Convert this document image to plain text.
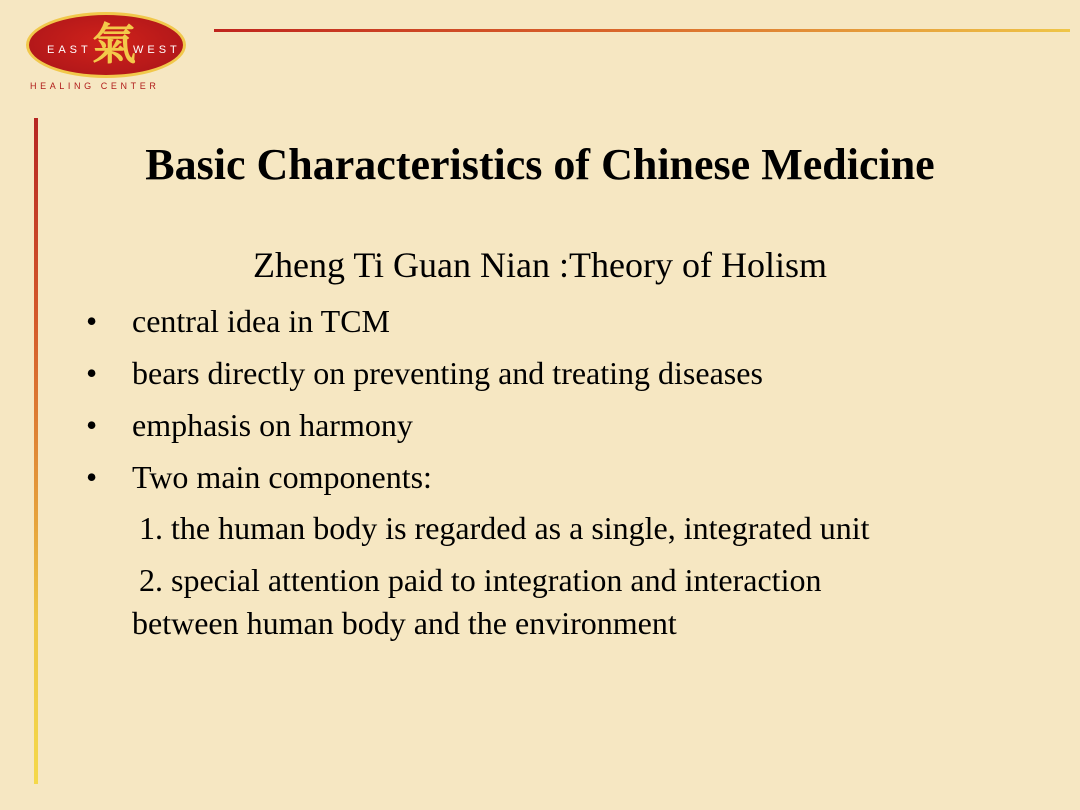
EAST 氣
WEST
HEALING CENTER
Basic Characteristics of Chinese Medicine

Zheng Ti Guan Nian :Theory of Holism

•	central idea in TCM
•	bears directly on preventing and treating diseases
•	emphasis on harmony
•	Two main components:

1. the human body is regarded as a single, integrated unit

2. special attention paid to integration and interaction

between human body and the environment
